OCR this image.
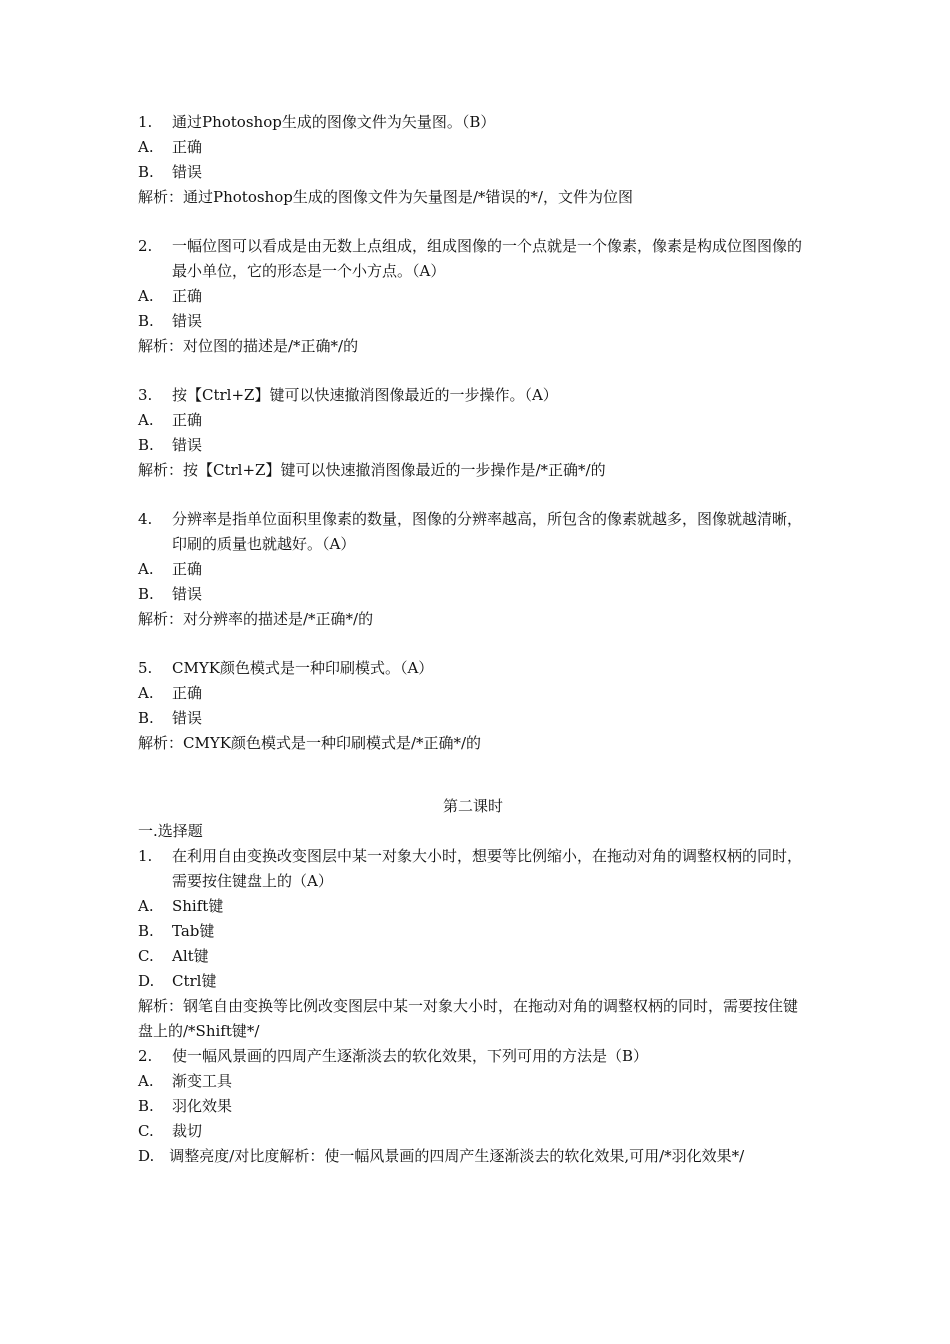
1.	通过Photoshop生成的图像文件为矢量图。（B）
A.	正确
B.	错误
解析：通过Photoshop生成的图像文件为矢量图是/*错误的*/，文件为位图
2.	一幅位图可以看成是由无数上点组成，组成图像的一个点就是一个像素，像素是构成位图图像的最小单位，它的形态是一个小方点。（A）
A.	正确
B.	错误
解析：对位图的描述是/*正确*/的
3.	按【Ctrl+Z】键可以快速撤消图像最近的一步操作。（A）
A.	正确
B.	错误
解析：按【Ctrl+Z】键可以快速撤消图像最近的一步操作是/*正确*/的
4.	分辨率是指单位面积里像素的数量，图像的分辨率越高，所包含的像素就越多，图像就越清晰，印刷的质量也就越好。（A）
A.	正确
B.	错误
解析：对分辨率的描述是/*正确*/的
5.	CMYK颜色模式是一种印刷模式。（A）
A.	正确
B.	错误
解析：CMYK颜色模式是一种印刷模式是/*正确*/的
第二课时
一.选择题
1.	在利用自由变换改变图层中某一对象大小时，想要等比例缩小，在拖动对角的调整权柄的同时，需要按住键盘上的（A）
A.	Shift键
B.	Tab键
C.	Alt键
D.	Ctrl键
解析：钢笔自由变换等比例改变图层中某一对象大小时，在拖动对角的调整权柄的同时，需要按住键盘上的/*Shift键*/
2.	使一幅风景画的四周产生逐渐淡去的软化效果，下列可用的方法是（B）
A.	渐变工具
B.	羽化效果
C.	裁切
D.　调整亮度/对比度解析：使一幅风景画的四周产生逐渐淡去的软化效果,可用/*羽化效果*/
